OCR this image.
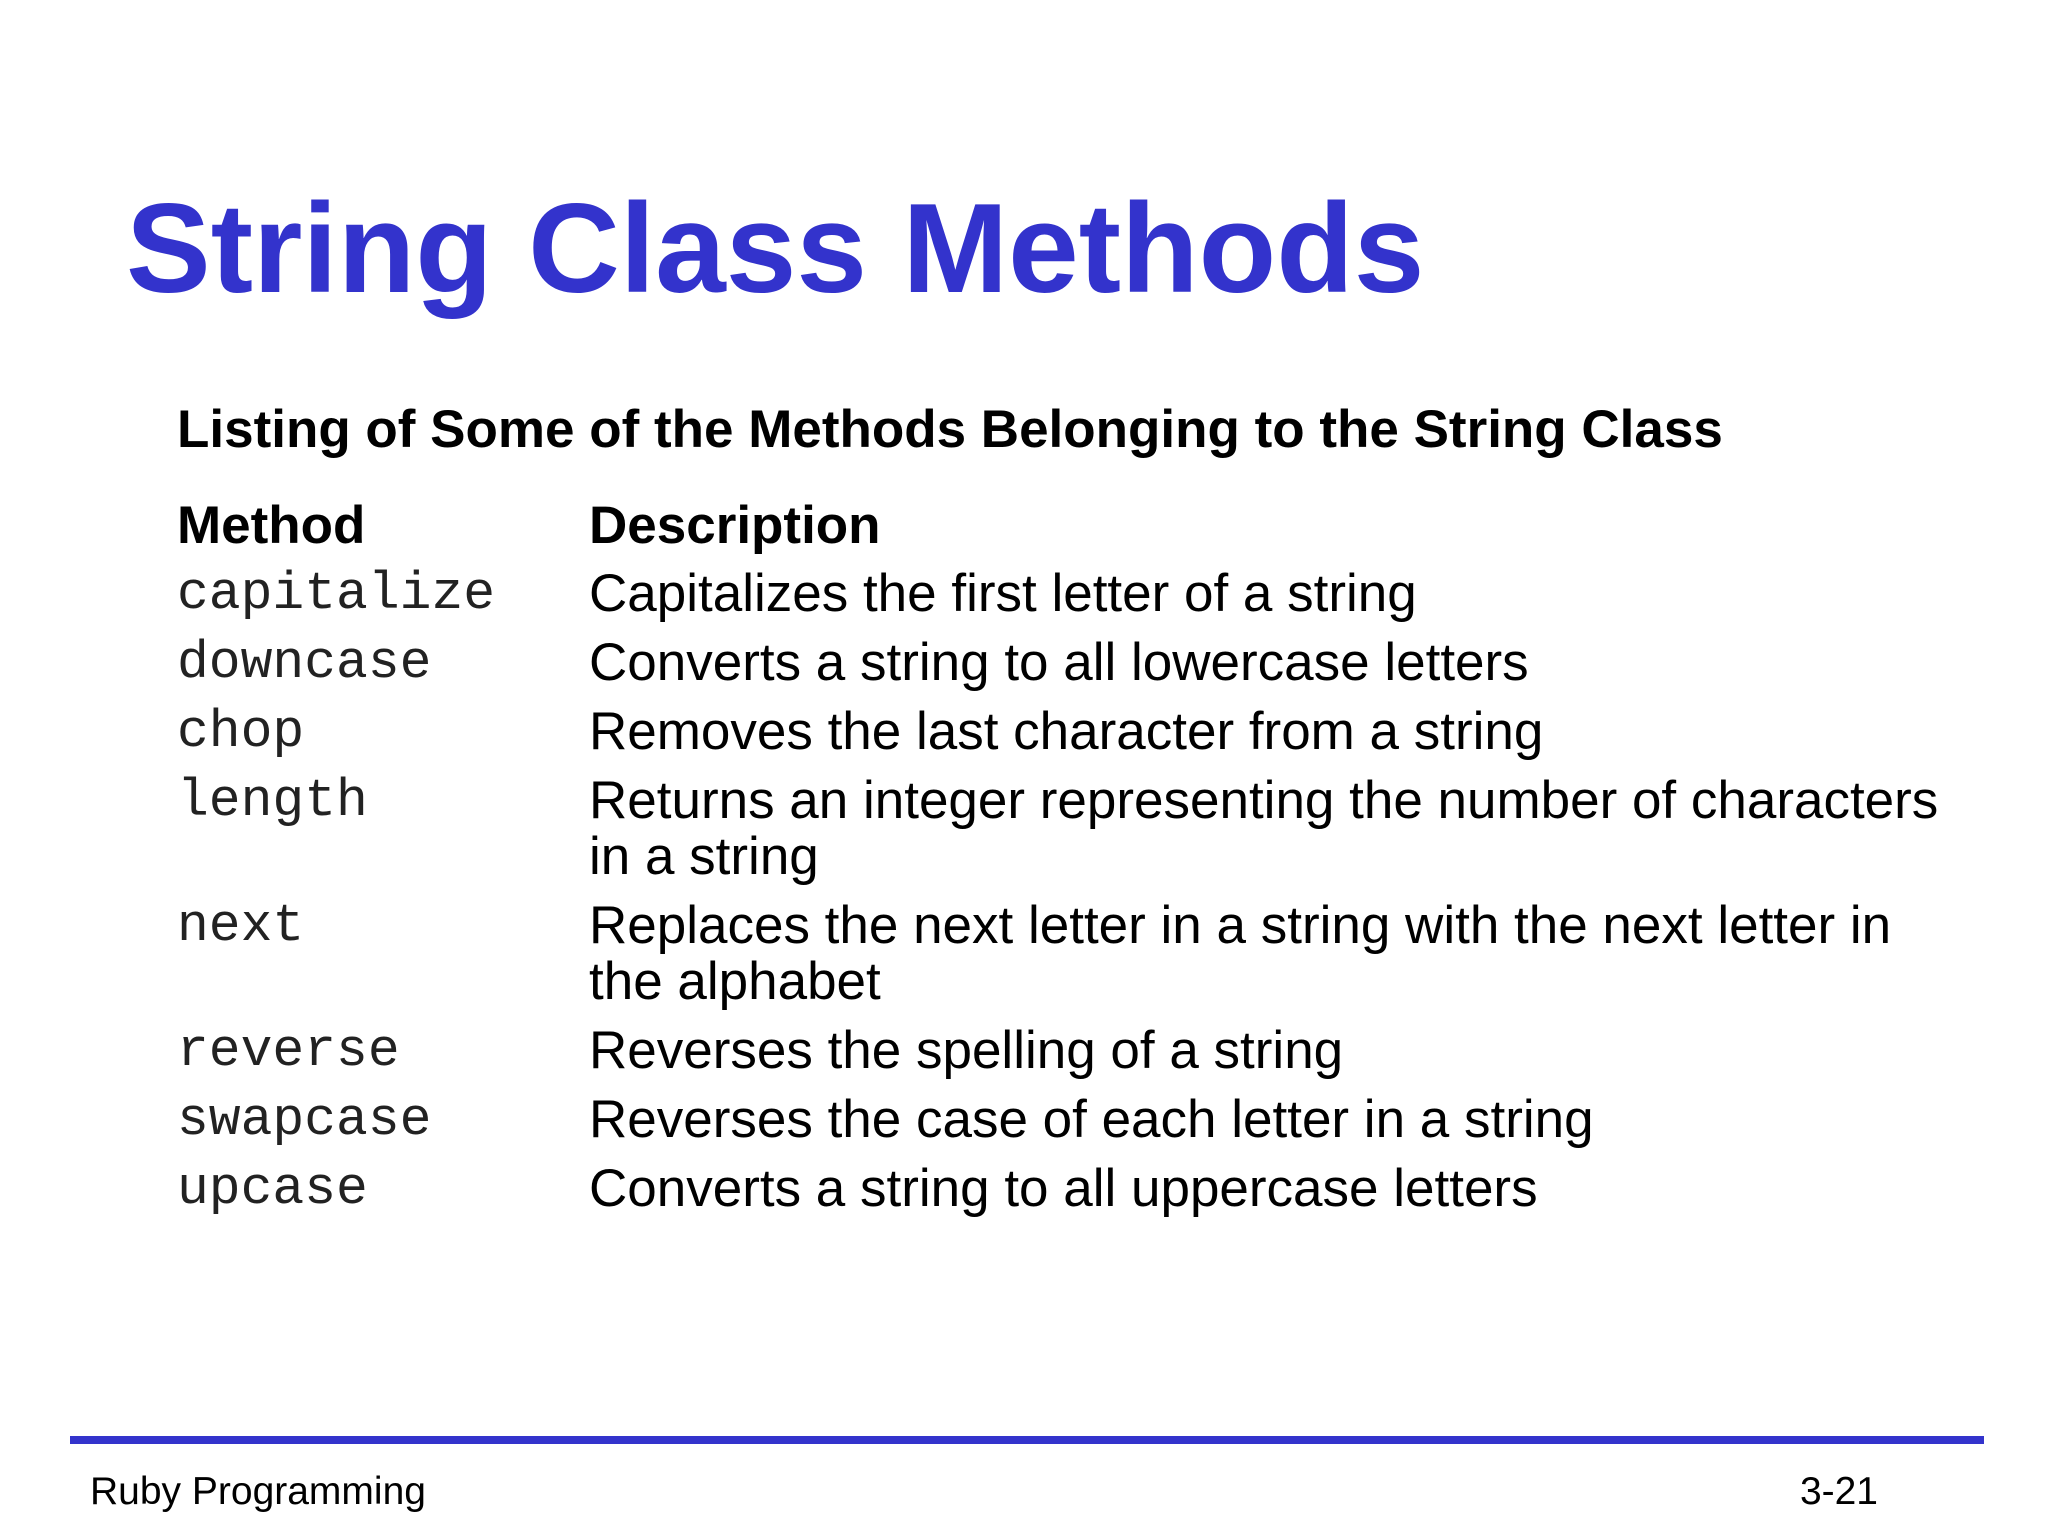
String Class Methods
Listing of Some of the Methods Belonging to the String Class
Method	Description
capitalize	Capitalizes the first letter of a string
downcase	Converts a string to all lowercase letters
chop	Removes the last character from a string
length	Returns an integer representing the number of characters in a string
next	Replaces the next letter in a string with the next letter in the alphabet
reverse	Reverses the spelling of a string
swapcase	Reverses the case of each letter in a string
upcase	Converts a string to all uppercase letters
Ruby Programming	3-21
